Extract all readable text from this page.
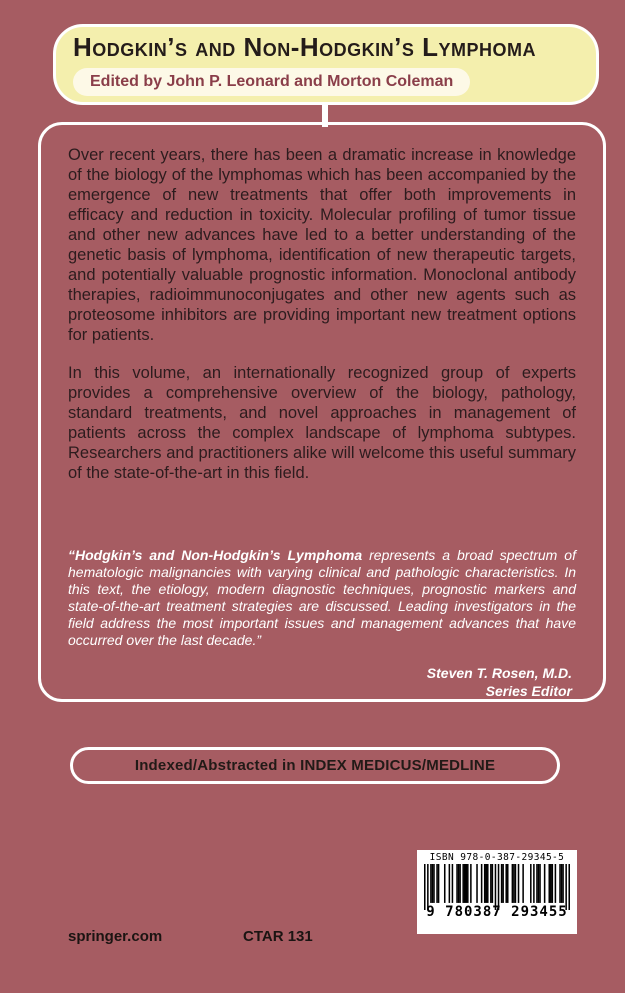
Hodgkin’s and Non-Hodgkin’s Lymphoma
Edited by John P. Leonard and Morton Coleman

Over recent years, there has been a dramatic increase in knowledge of the biology of the lymphomas which has been accompanied by the emergence of new treatments that offer both improvements in efficacy and reduction in toxicity. Molecular profiling of tumor tissue and other new advances have led to a better understanding of the genetic basis of lymphoma, identification of new therapeutic targets, and potentially valuable prognostic information. Monoclonal antibody therapies, radioimmunoconjugates and other new agents such as proteosome inhibitors are providing important new treatment options for patients.

In this volume, an internationally recognized group of experts provides a comprehensive overview of the biology, pathology, standard treatments, and novel approaches in management of patients across the complex landscape of lymphoma subtypes. Researchers and practitioners alike will welcome this useful summary of the state-of-the-art in this field.

“Hodgkin’s and Non-Hodgkin’s Lymphoma represents a broad spectrum of hematologic malignancies with varying clinical and pathologic characteristics. In this text, the etiology, modern diagnostic techniques, prognostic markers and state-of-the-art treatment strategies are discussed. Leading investigators in the field address the most important issues and management advances that have occurred over the last decade.”

Steven T. Rosen, M.D.
Series Editor
Indexed/Abstracted in INDEX MEDICUS/MEDLINE
ISBN 978-0-387-29345-5
9 780387 293455
springer.com	CTAR 131
